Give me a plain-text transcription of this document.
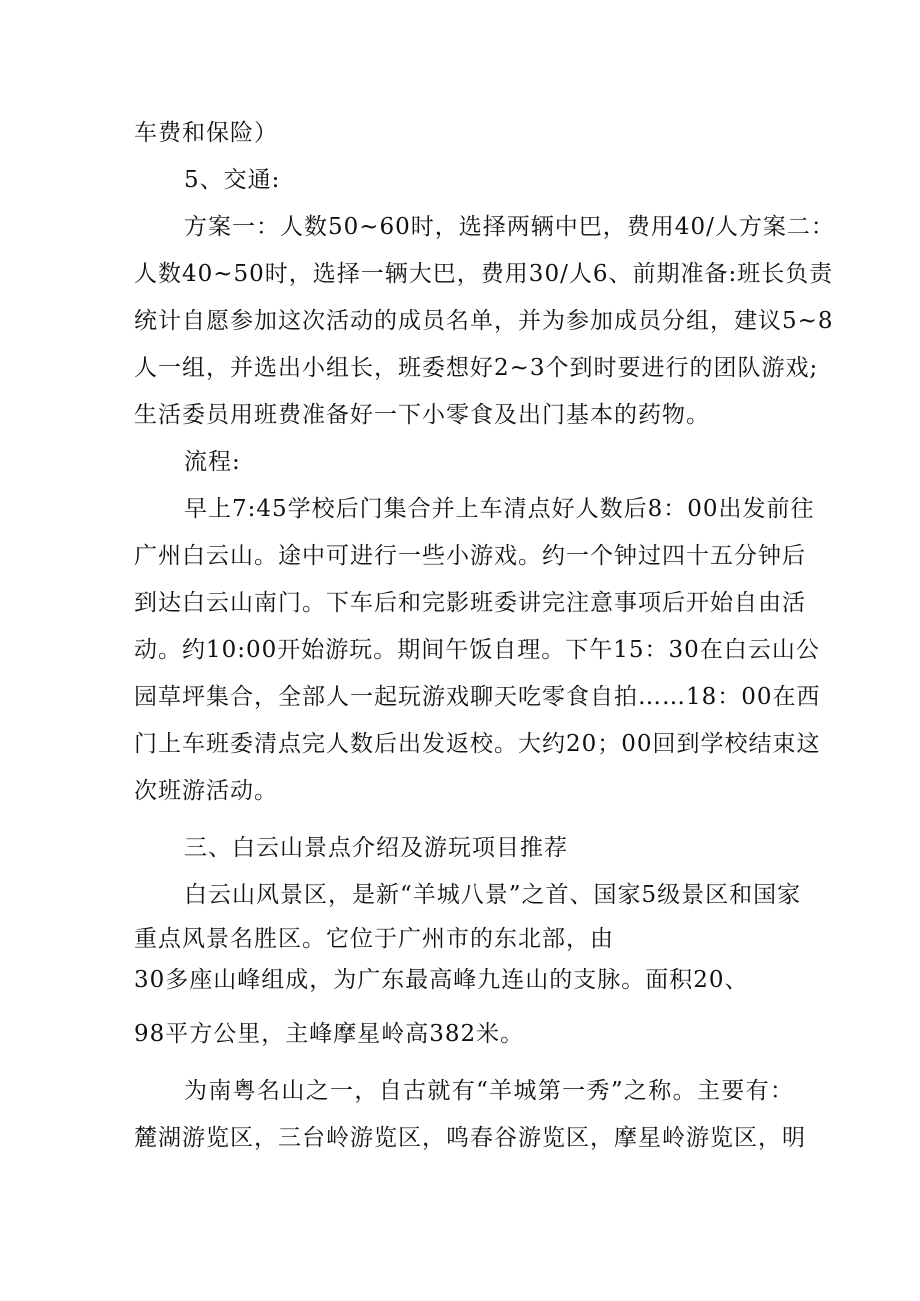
车费和保险）
5、交通:
方案一：人数50~60时，选择两辆中巴，费用40/人方案二：
人数40~50时，选择一辆大巴，费用30/人6、前期准备:班长负责
统计自愿参加这次活动的成员名单，并为参加成员分组，建议5~8
人一组，并选出小组长，班委想好2~3个到时要进行的团队游戏;
生活委员用班费准备好一下小零食及出门基本的药物。
流程:
早上7:45学校后门集合并上车清点好人数后8：00出发前往
广州白云山。途中可进行一些小游戏。约一个钟过四十五分钟后
到达白云山南门。下车后和完影班委讲完注意事项后开始自由活
动。约10:00开始游玩。期间午饭自理。下午15：30在白云山公
园草坪集合，全部人一起玩游戏聊天吃零食自拍……18：00在西
门上车班委清点完人数后出发返校。大约20；00回到学校结束这
次班游活动。
三、白云山景点介绍及游玩项目推荐
白云山风景区，是新“羊城八景”之首、国家5级景区和国家
重点风景名胜区。它位于广州市的东北部，由
30多座山峰组成，为广东最高峰九连山的支脉。面积20、
98平方公里，主峰摩星岭高382米。
为南粤名山之一，自古就有“羊城第一秀”之称。主要有：
麓湖游览区，三台岭游览区，鸣春谷游览区，摩星岭游览区，明
